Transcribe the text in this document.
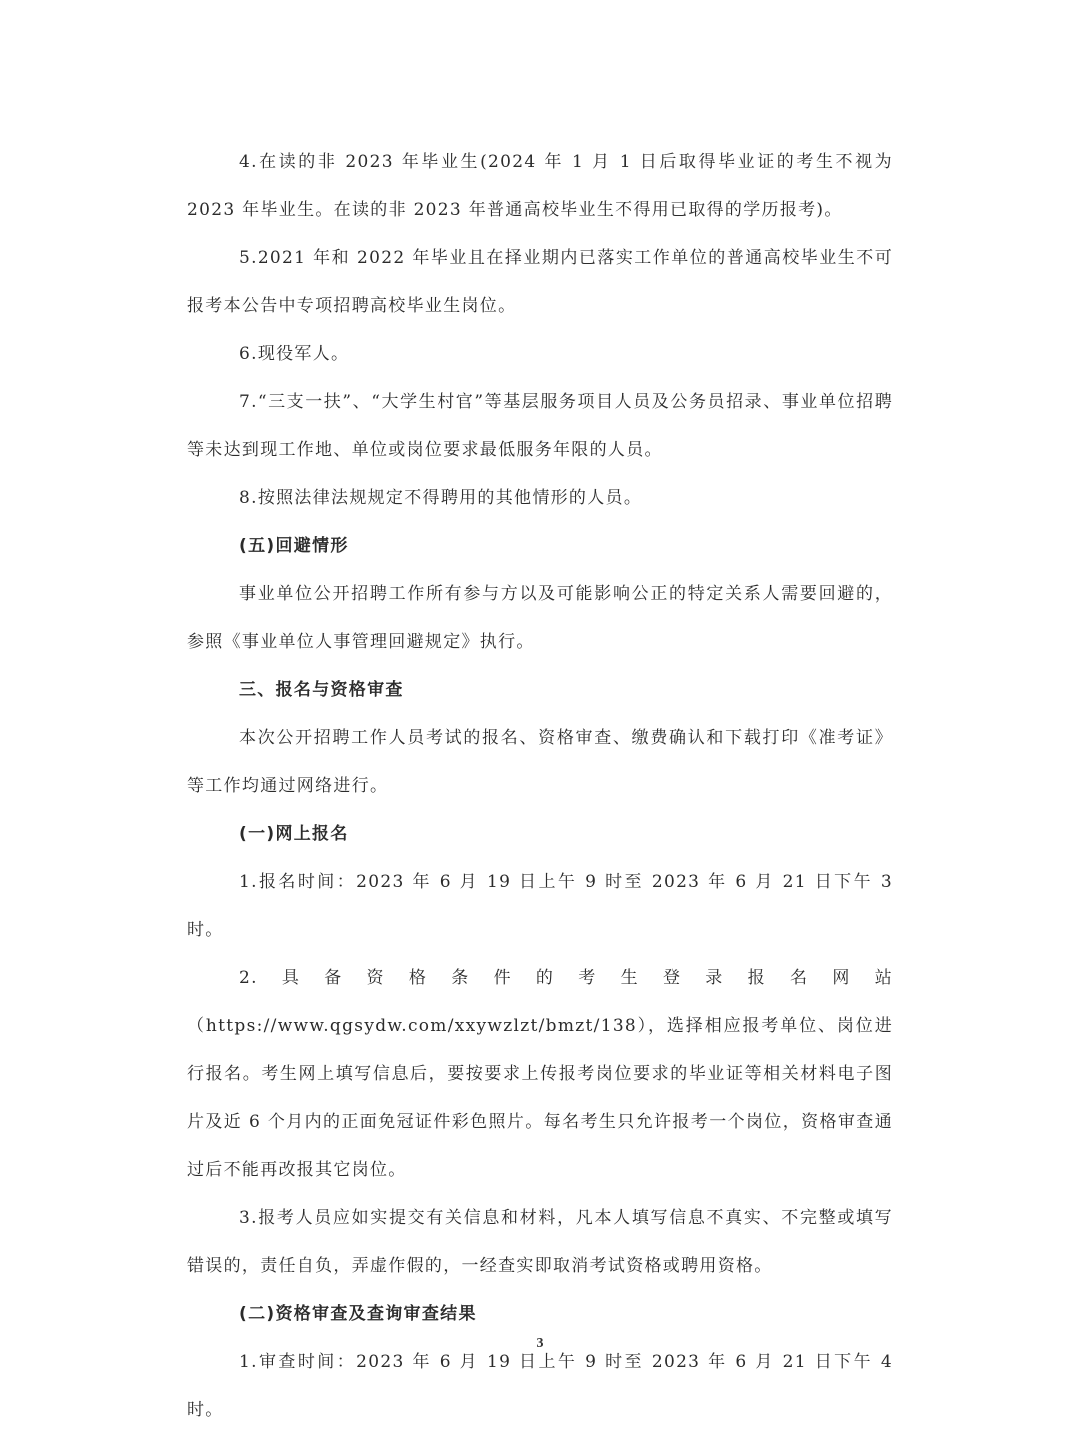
4.在读的非 2023 年毕业生(2024 年 1 月 1 日后取得毕业证的考生不视为 2023 年毕业生。在读的非 2023 年普通高校毕业生不得用已取得的学历报考)。

5.2021 年和 2022 年毕业且在择业期内已落实工作单位的普通高校毕业生不可报考本公告中专项招聘高校毕业生岗位。

6.现役军人。

7.“三支一扶”、“大学生村官”等基层服务项目人员及公务员招录、事业单位招聘等未达到现工作地、单位或岗位要求最低服务年限的人员。

8.按照法律法规规定不得聘用的其他情形的人员。

(五)回避情形

事业单位公开招聘工作所有参与方以及可能影响公正的特定关系人需要回避的，参照《事业单位人事管理回避规定》执行。

三、报名与资格审查

本次公开招聘工作人员考试的报名、资格审查、缴费确认和下载打印《准考证》等工作均通过网络进行。

(一)网上报名

1.报名时间：2023 年 6 月 19 日上午 9 时至 2023 年 6 月 21 日下午 3 时。

2.具备资格条件的考生登录报名网站（https://www.qgsydw.com/xxywzlzt/bmzt/138），选择相应报考单位、岗位进行报名。考生网上填写信息后，要按要求上传报考岗位要求的毕业证等相关材料电子图片及近 6 个月内的正面免冠证件彩色照片。每名考生只允许报考一个岗位，资格审查通过后不能再改报其它岗位。

3.报考人员应如实提交有关信息和材料，凡本人填写信息不真实、不完整或填写错误的，责任自负，弄虚作假的，一经查实即取消考试资格或聘用资格。

(二)资格审查及查询审查结果

1.审查时间：2023 年 6 月 19 日上午 9 时至 2023 年 6 月 21 日下午 4 时。

3
